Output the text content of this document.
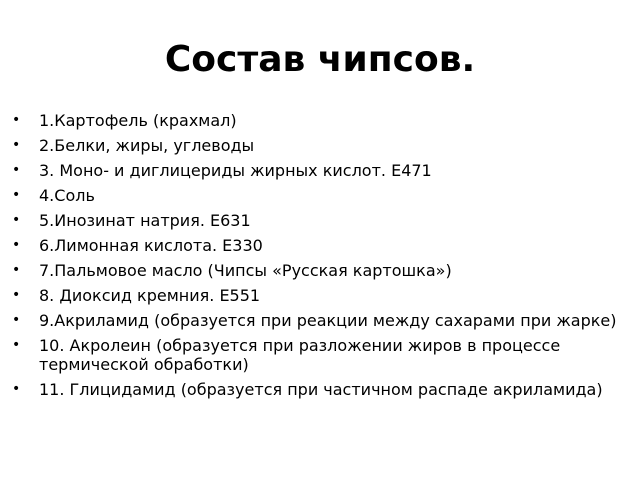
Состав чипсов.
• 1.Картофель (крахмал)
• 2.Белки, жиры, углеводы
• 3. Моно- и диглицериды жирных кислот. Е471
• 4.Соль
• 5.Инозинат натрия. Е631
• 6.Лимонная кислота. Е330
• 7.Пальмовое масло (Чипсы «Русская картошка»)
• 8. Диоксид кремния. Е551
• 9.Акриламид (образуется при реакции между сахарами при жарке)
• 10. Акролеин (образуется при разложении жиров в процессе термической обработки)
• 11. Глицидамид (образуется при частичном распаде акриламида)
